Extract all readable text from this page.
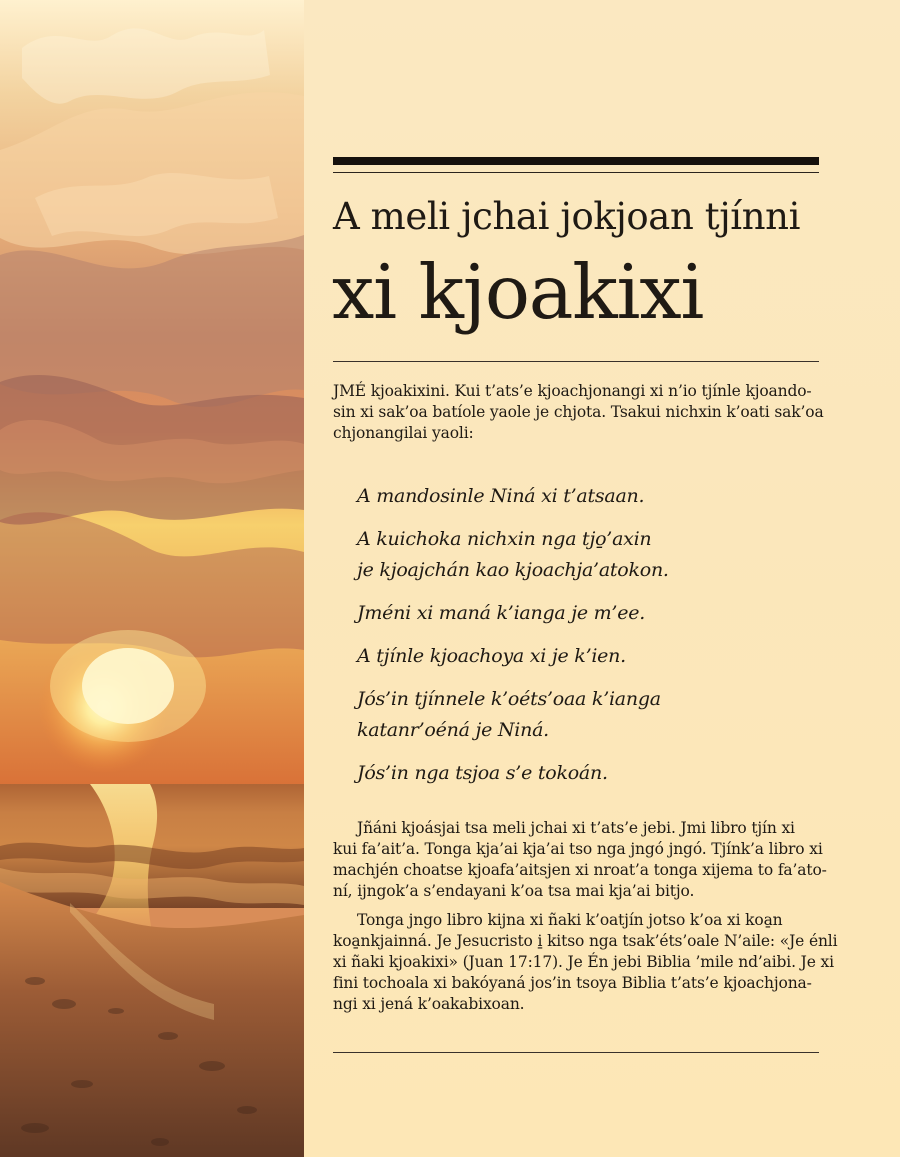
A meli jchai jokjoan tjínni
xi kjoakixi
JMÉ kjoakixini. Kui t’ats’e kjoachjonangi xi n’io tjínle kjoando-
sin xi sak’oa batíole yaole je chjota. Tsakui nichxin k’oati sak’oa
chjonangilai yaoli:
A mandosinle Niná xi t’atsaan.
A kuichoka nichxin nga tjo̱’axin
je kjoajchán kao kjoachja’atokon.
Jméni xi maná k’ianga je m’ee.
A tjínle kjoachoya xi je k’ien.
Jós’in tjínnele k’oéts’oaa k’ianga
katanr’oéná je Niná.
Jós’in nga tsjoa s’e tokoán.
Jñáni kjoásjai tsa meli jchai xi t’ats’e jebi. Jmi libro tjín xi
kui fa’ait’a. Tonga kja’ai kja’ai tso nga jngó jngó. Tjínk’a libro xi
machjén choatse kjoafa’aitsjen xi nroat’a tonga xijema to fa’ato-
ní, ijngok’a s’endayani k’oa tsa mai kja’ai bitjo.
Tonga jngo libro kijna xi ñaki k’oatjín jotso k’oa xi koa̱n
koa̱nkjainná. Je Jesucristo i̱ kitso nga tsak’éts’oale N’aile: «Je énli
xi ñaki kjoakixi» (Juan 17:17). Je Én jebi Biblia ’mile nd’aibi. Je xi
fini tochoala xi bakóyaná jos’in tsoya Biblia t’ats’e kjoachjona-
ngi xi jená k’oakabixoan.
